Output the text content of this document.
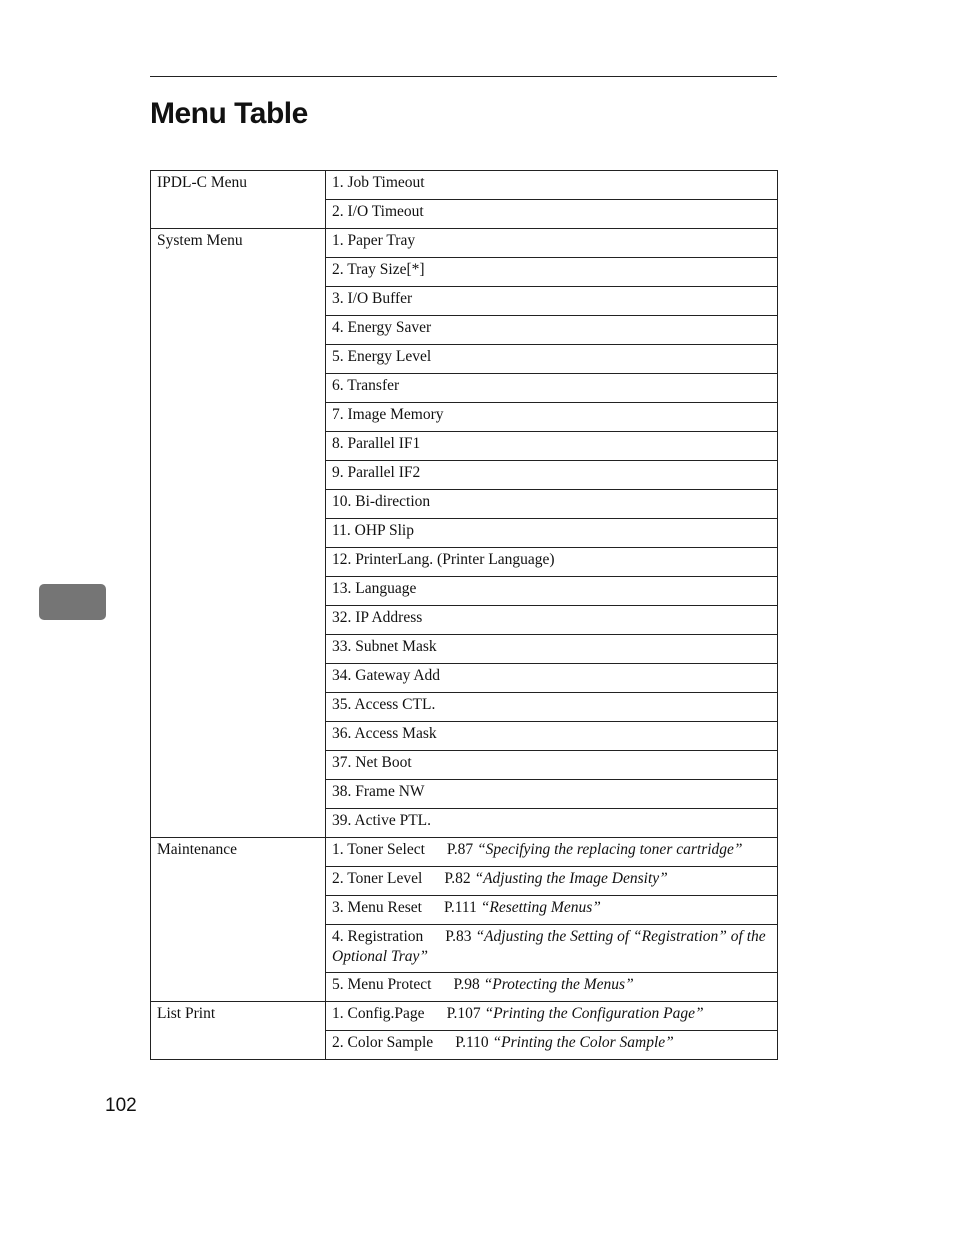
Menu Table
IPDL-C Menu	1. Job Timeout
	2. I/O Timeout
System Menu	1. Paper Tray
	2. Tray Size[*]
	3. I/O Buffer
	4. Energy Saver
	5. Energy Level
	6. Transfer
	7. Image Memory
	8. Parallel IF1
	9. Parallel IF2
	10. Bi-direction
	11. OHP Slip
	12. PrinterLang. (Printer Language)
	13. Language
	32. IP Address
	33. Subnet Mask
	34. Gateway Add
	35. Access CTL.
	36. Access Mask
	37. Net Boot
	38. Frame NW
	39. Active PTL.
Maintenance	1. Toner Select P.87 “Specifying the replacing toner cartridge”
	2. Toner Level P.82 “Adjusting the Image Density”
	3. Menu Reset P.111 “Resetting Menus”
	4. Registration P.83 “Adjusting the Setting of “Registration” of the Optional Tray”
	5. Menu Protect P.98 “Protecting the Menus”
List Print	1. Config.Page P.107 “Printing the Configuration Page”
	2. Color Sample P.110 “Printing the Color Sample”
102
